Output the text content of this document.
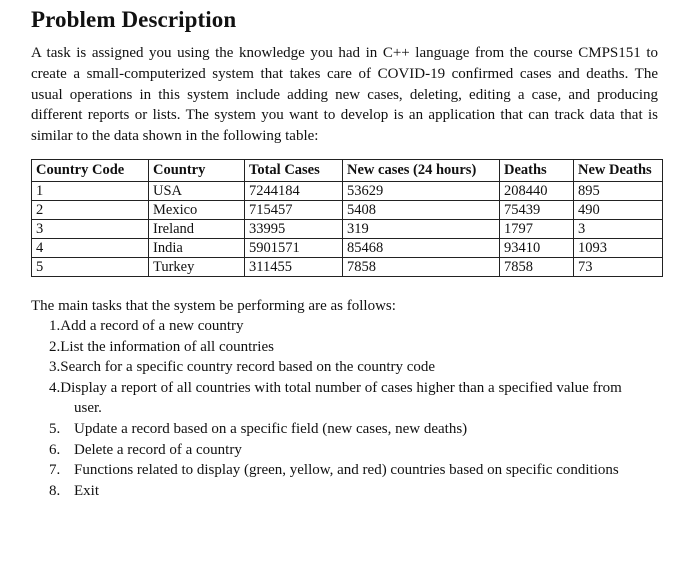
Problem Description
A task is assigned you using the knowledge you had in C++ language from the course CMPS151 to
create a small-computerized system that takes care of COVID-19 confirmed cases and deaths. The
usual operations in this system include adding new cases, deleting, editing a case, and producing
different reports or lists. The system you want to develop is an application that can track data that is
similar to the data shown in the following table:
Country Code	Country	Total Cases	New cases (24 hours)	Deaths	New Deaths
1	USA	7244184	53629	208440	895
2	Mexico	715457	5408	75439	490
3	Ireland	33995	319	1797	3
4	India	5901571	85468	93410	1093
5	Turkey	311455	7858	7858	73
The main tasks that the system be performing are as follows:
1.Add a record of a new country
2.List the information of all countries
3.Search for a specific country record based on the country code
4.Display a report of all countries with total number of cases higher than a specified value from
user.
5. Update a record based on a specific field (new cases, new deaths)
6. Delete a record of a country
7. Functions related to display (green, yellow, and red) countries based on specific conditions
8. Exit
